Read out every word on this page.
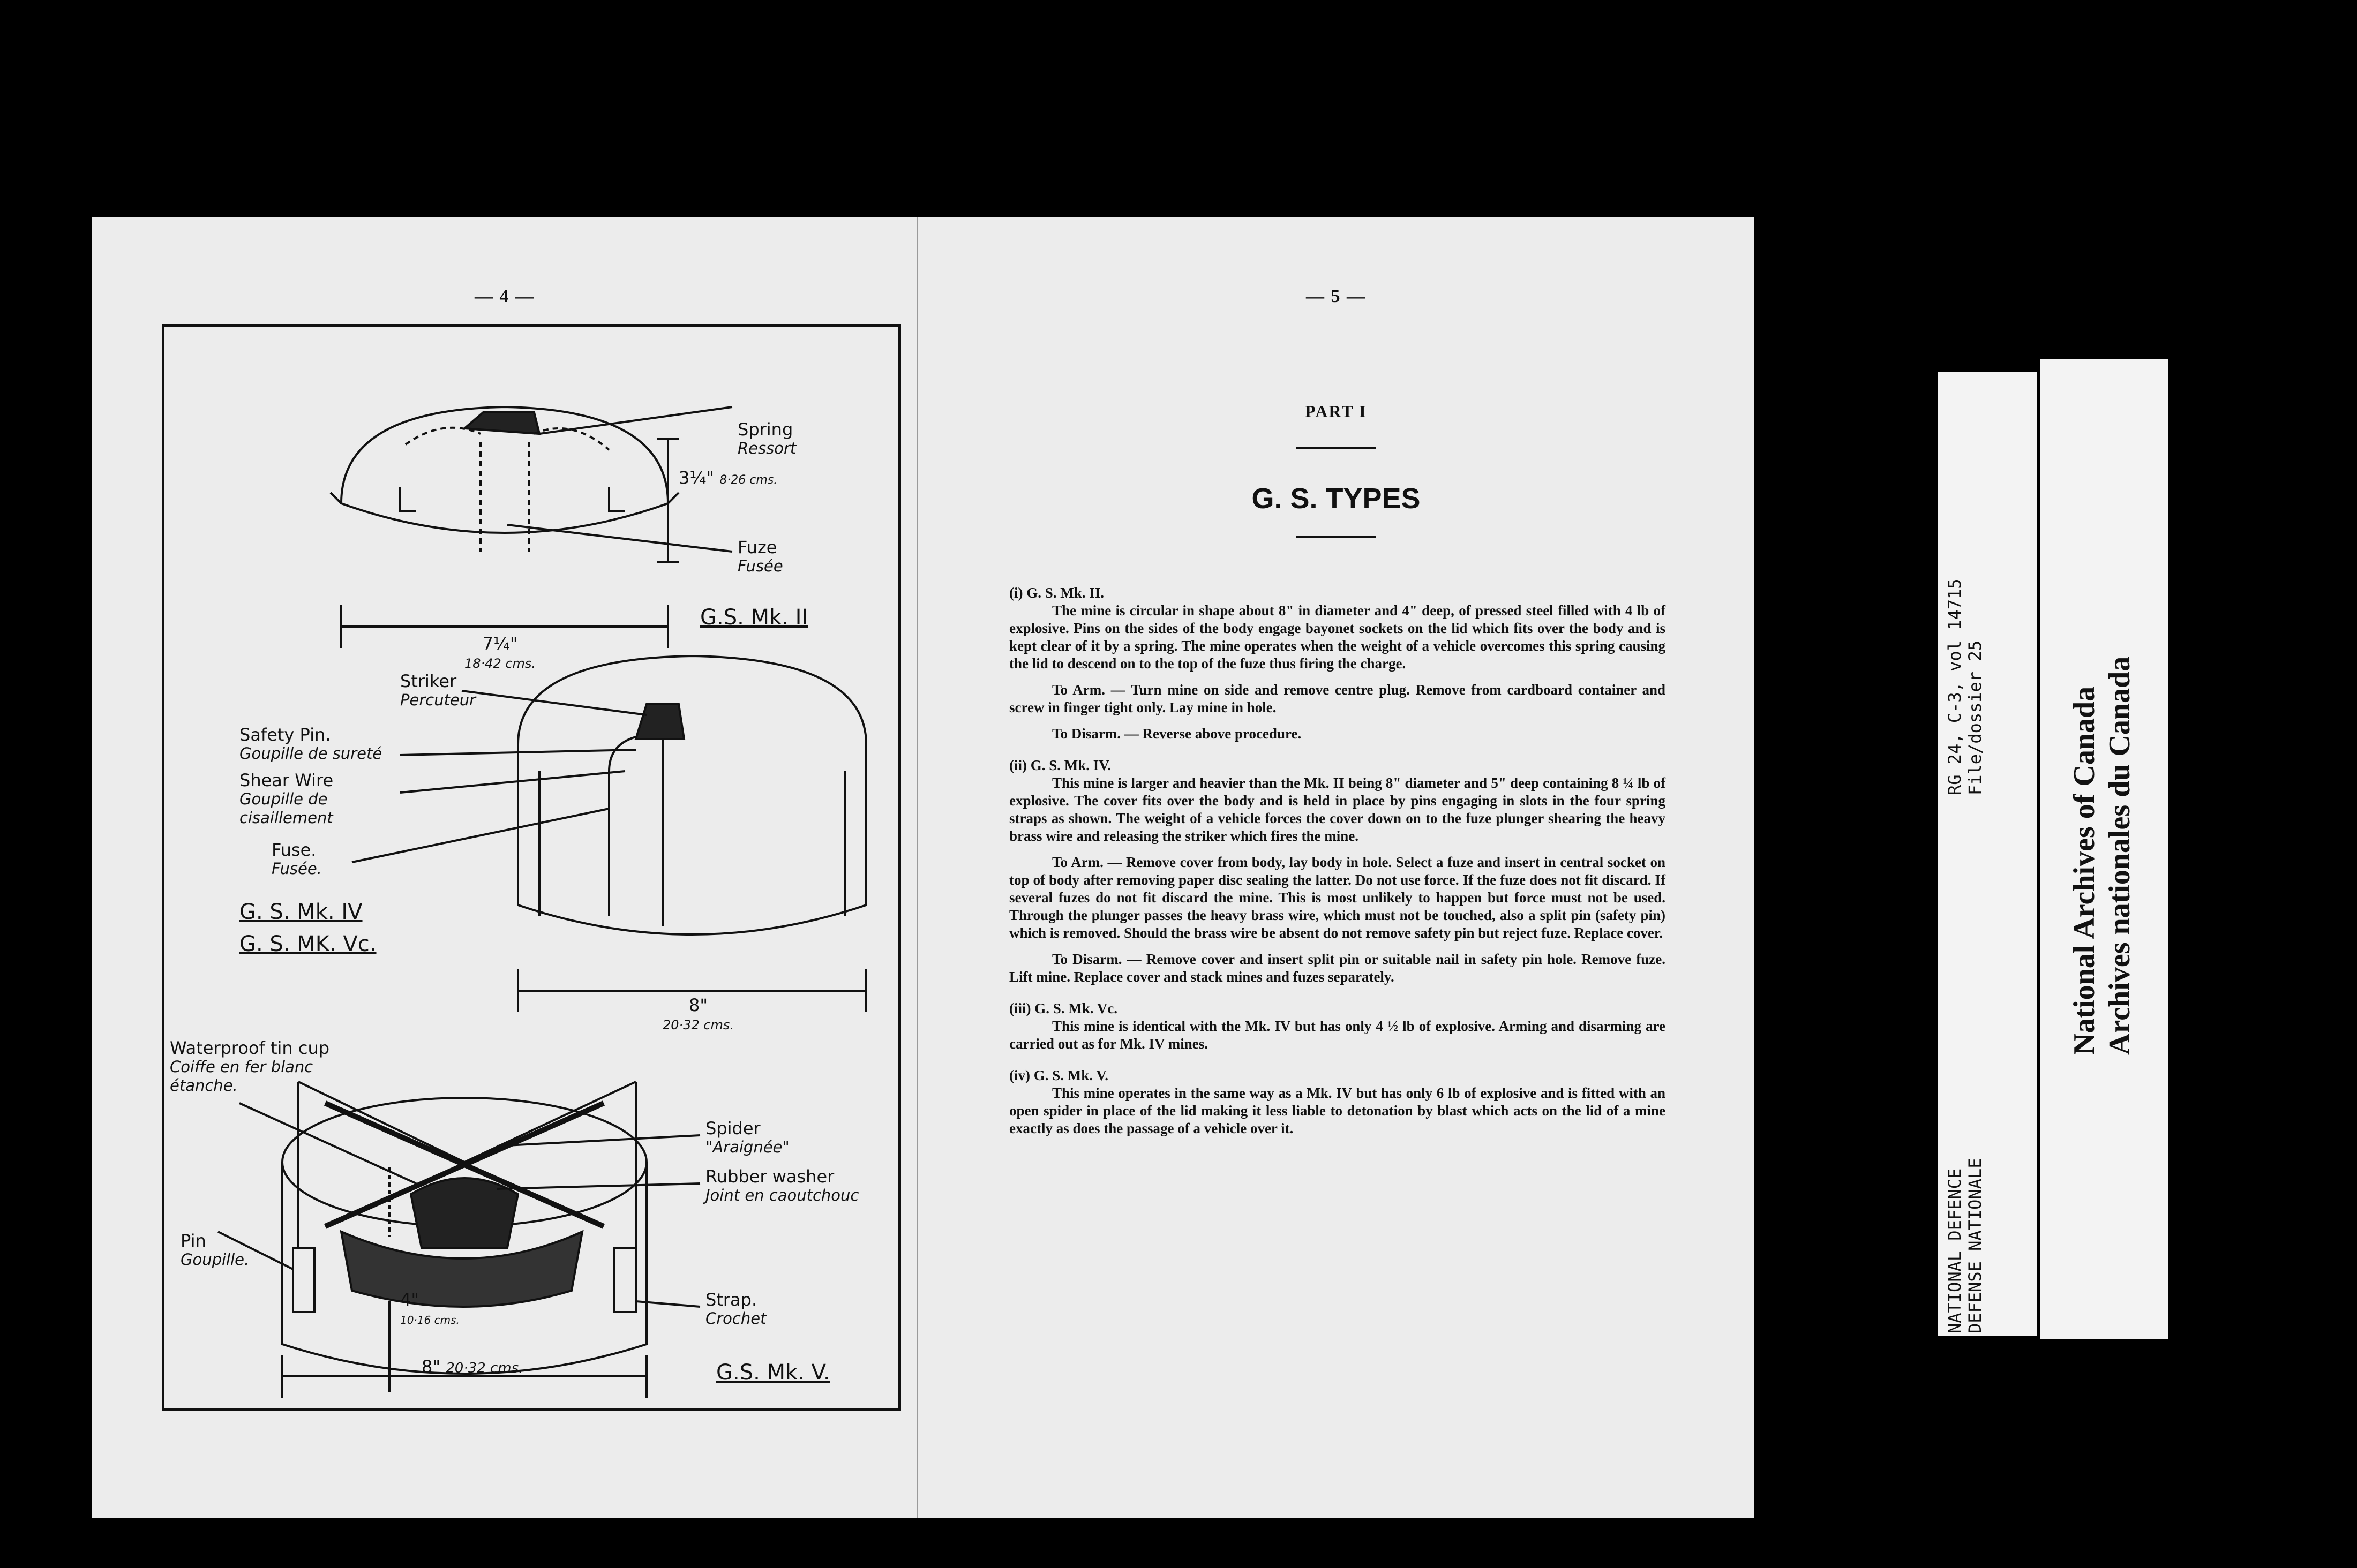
— 4 —
Spring
Ressort
3¼" 8·26 cms.
Fuze
Fusée
7¼"
18·42 cms.
G.S. Mk. II
Striker
Percuteur
Safety Pin.
Goupille de sureté
Shear Wire
Goupille de cisaillement
Fuse.
Fusée.
G. S. Mk. IV
G. S. MK. Vc.
8"
20·32 cms.
Waterproof tin cup
Coiffe en fer blanc étanche.
Spider
"Araignée"
Rubber washer
Joint en caoutchouc
Pin
Goupille.
4"
10·16 cms.
Strap.
Crochet
8" 20·32 cms.	G.S. Mk. V.
— 5 —
PART I
G. S. TYPES
(i) G. S. Mk. II.

The mine is circular in shape about 8" in diameter and 4" deep, of pressed steel filled with 4 lb of explosive. Pins on the sides of the body engage bayonet sockets on the lid which fits over the body and is kept clear of it by a spring. The mine operates when the weight of a vehicle overcomes this spring causing the lid to descend on to the top of the fuze thus firing the charge.

To Arm. — Turn mine on side and remove centre plug. Remove from cardboard container and screw in finger tight only. Lay mine in hole.

To Disarm. — Reverse above procedure.

(ii) G. S. Mk. IV.

This mine is larger and heavier than the Mk. II being 8" diameter and 5" deep containing 8 ¼ lb of explosive. The cover fits over the body and is held in place by pins engaging in slots in the four spring straps as shown. The weight of a vehicle forces the cover down on to the fuze plunger shearing the heavy brass wire and releasing the striker which fires the mine.

To Arm. — Remove cover from body, lay body in hole. Select a fuze and insert in central socket on top of body after removing paper disc sealing the latter. Do not use force. If the fuze does not fit discard. If several fuzes do not fit discard the mine. This is most unlikely to happen but force must not be used. Through the plunger passes the heavy brass wire, which must not be touched, also a split pin (safety pin) which is removed. Should the brass wire be absent do not remove safety pin but reject fuze. Replace cover.

To Disarm. — Remove cover and insert split pin or suitable nail in safety pin hole. Remove fuze. Lift mine. Replace cover and stack mines and fuzes separately.

(iii) G. S. Mk. Vc.

This mine is identical with the Mk. IV but has only 4 ½ lb of explosive. Arming and disarming are carried out as for Mk. IV mines.

(iv) G. S. Mk. V.

This mine operates in the same way as a Mk. IV but has only 6 lb of explosive and is fitted with an open spider in place of the lid making it less liable to detonation by blast which acts on the lid of a mine exactly as does the passage of a vehicle over it.

RG 24, C-3, vol 14715 File/dossier 25
NATIONAL DEFENCE DEFENSE NATIONALE
National Archives of Canada Archives nationales du Canada
